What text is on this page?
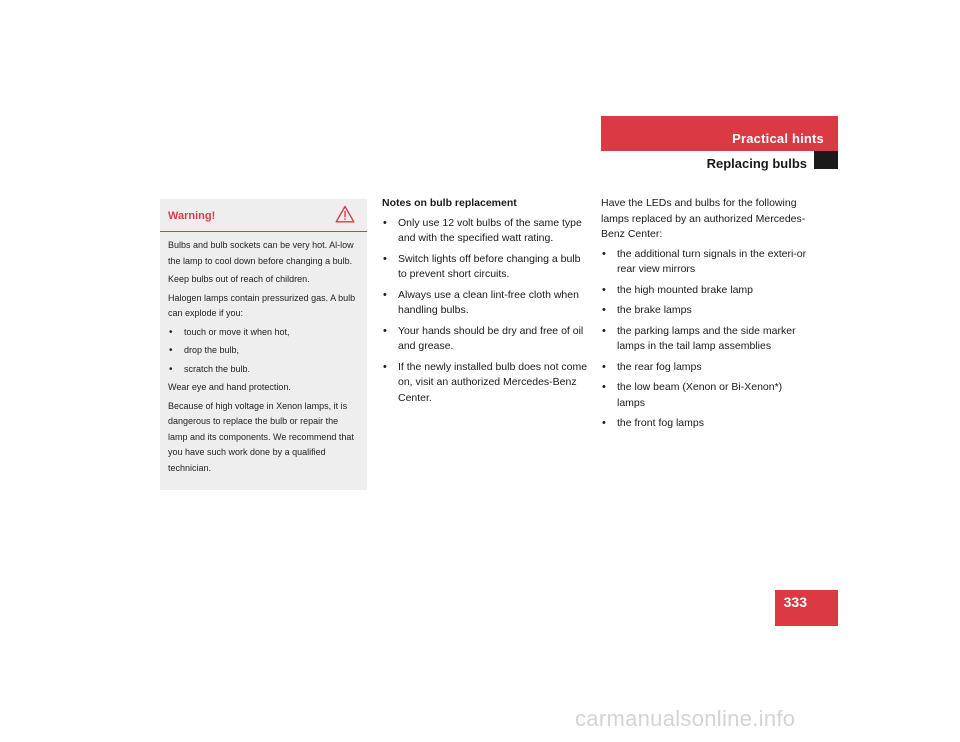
Practical hints
Replacing bulbs
Warning!

Bulbs and bulb sockets can be very hot. Al-low the lamp to cool down before changing a bulb.

Keep bulbs out of reach of children.

Halogen lamps contain pressurized gas. A bulb can explode if you:

• touch or move it when hot,
• drop the bulb,
• scratch the bulb.

Wear eye and hand protection.

Because of high voltage in Xenon lamps, it is dangerous to replace the bulb or repair the lamp and its components. We recommend that you have such work done by a qualified technician.

Notes on bulb replacement

• Only use 12 volt bulbs of the same type and with the specified watt rating.
• Switch lights off before changing a bulb to prevent short circuits.
• Always use a clean lint-free cloth when handling bulbs.
• Your hands should be dry and free of oil and grease.
• If the newly installed bulb does not come on, visit an authorized Mercedes-Benz Center.

Have the LEDs and bulbs for the following lamps replaced by an authorized Mercedes-Benz Center:

• the additional turn signals in the exteri-or rear view mirrors
• the high mounted brake lamp
• the brake lamps
• the parking lamps and the side marker lamps in the tail lamp assemblies
• the rear fog lamps
• the low beam (Xenon or Bi-Xenon*) lamps
• the front fog lamps
333
carmanualsonline.info
